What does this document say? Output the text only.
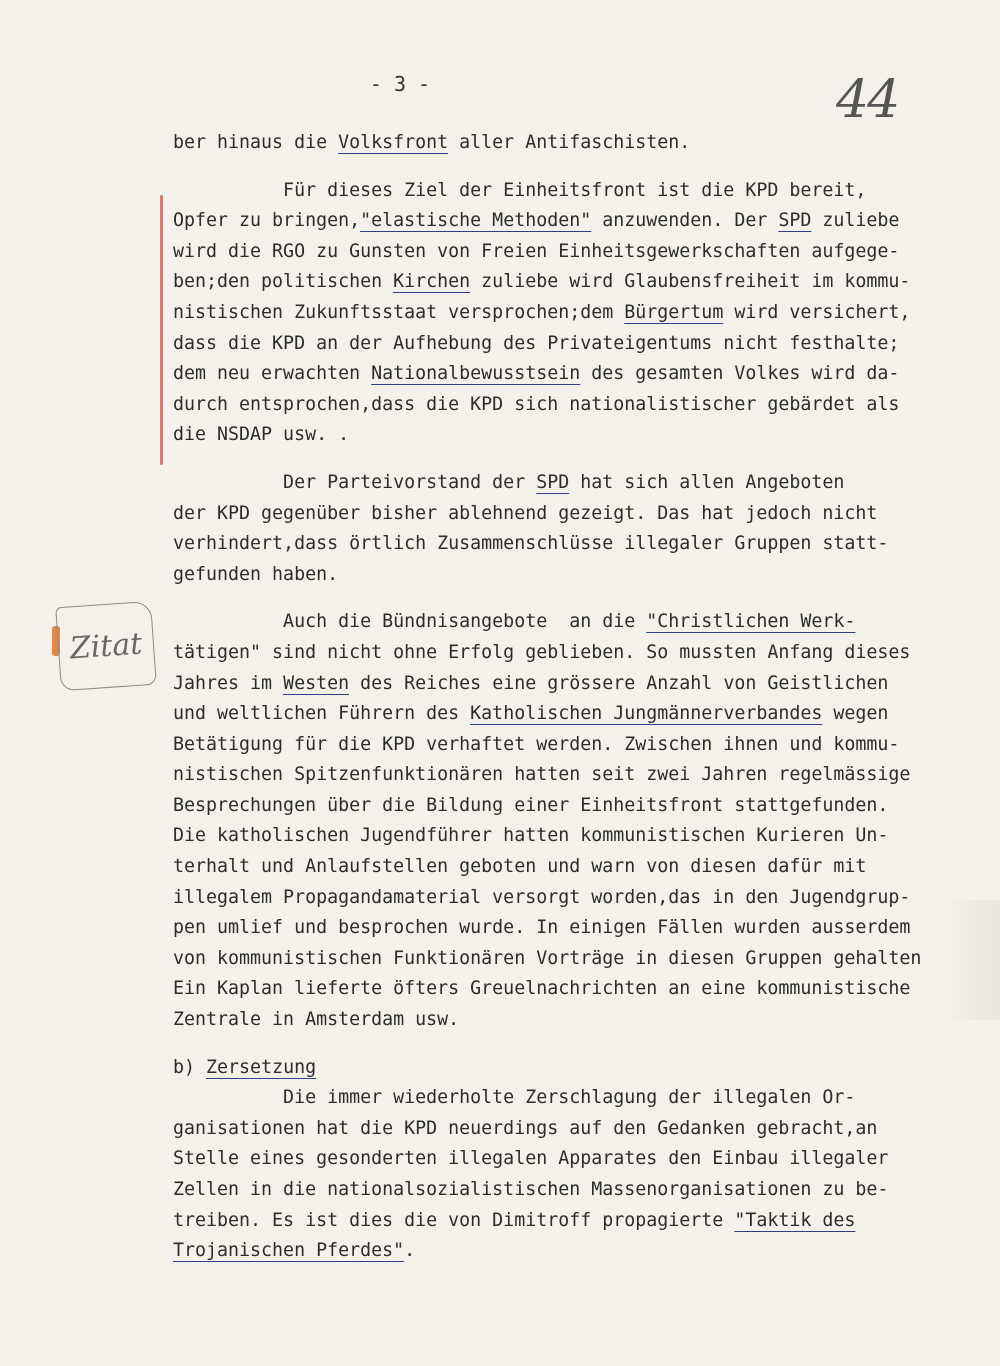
- 3 -	44
Zitat
ber hinaus die Volksfront aller Antifaschisten.
Für dieses Ziel der Einheitsfront ist die KPD bereit,
Opfer zu bringen,"elastische Methoden" anzuwenden. Der SPD zuliebe
wird die RGO zu Gunsten von Freien Einheitsgewerkschaften aufgege-
ben;den politischen Kirchen zuliebe wird Glaubensfreiheit im kommu-
nistischen Zukunftsstaat versprochen;dem Bürgertum wird versichert,
dass die KPD an der Aufhebung des Privateigentums nicht festhalte;
dem neu erwachten Nationalbewusstsein des gesamten Volkes wird da-
durch entsprochen,dass die KPD sich nationalistischer gebärdet als
die NSDAP usw. .
Der Parteivorstand der SPD hat sich allen Angeboten
der KPD gegenüber bisher ablehnend gezeigt. Das hat jedoch nicht
verhindert,dass örtlich Zusammenschlüsse illegaler Gruppen statt-
gefunden haben.
Auch die Bündnisangebote  an die "Christlichen Werk-
tätigen" sind nicht ohne Erfolg geblieben. So mussten Anfang dieses
Jahres im Westen des Reiches eine grössere Anzahl von Geistlichen
und weltlichen Führern des Katholischen Jungmännerverbandes wegen
Betätigung für die KPD verhaftet werden. Zwischen ihnen und kommu-
nistischen Spitzenfunktionären hatten seit zwei Jahren regelmässige
Besprechungen über die Bildung einer Einheitsfront stattgefunden.
Die katholischen Jugendführer hatten kommunistischen Kurieren Un-
terhalt und Anlaufstellen geboten und warn von diesen dafür mit
illegalem Propagandamaterial versorgt worden,das in den Jugendgrup-
pen umlief und besprochen wurde. In einigen Fällen wurden ausserdem
von kommunistischen Funktionären Vorträge in diesen Gruppen gehalten
Ein Kaplan lieferte öfters Greuelnachrichten an eine kommunistische
Zentrale in Amsterdam usw.
b) Zersetzung
Die immer wiederholte Zerschlagung der illegalen Or-
ganisationen hat die KPD neuerdings auf den Gedanken gebracht,an
Stelle eines gesonderten illegalen Apparates den Einbau illegaler
Zellen in die nationalsozialistischen Massenorganisationen zu be-
treiben. Es ist dies die von Dimitroff propagierte "Taktik des
Trojanischen Pferdes".
